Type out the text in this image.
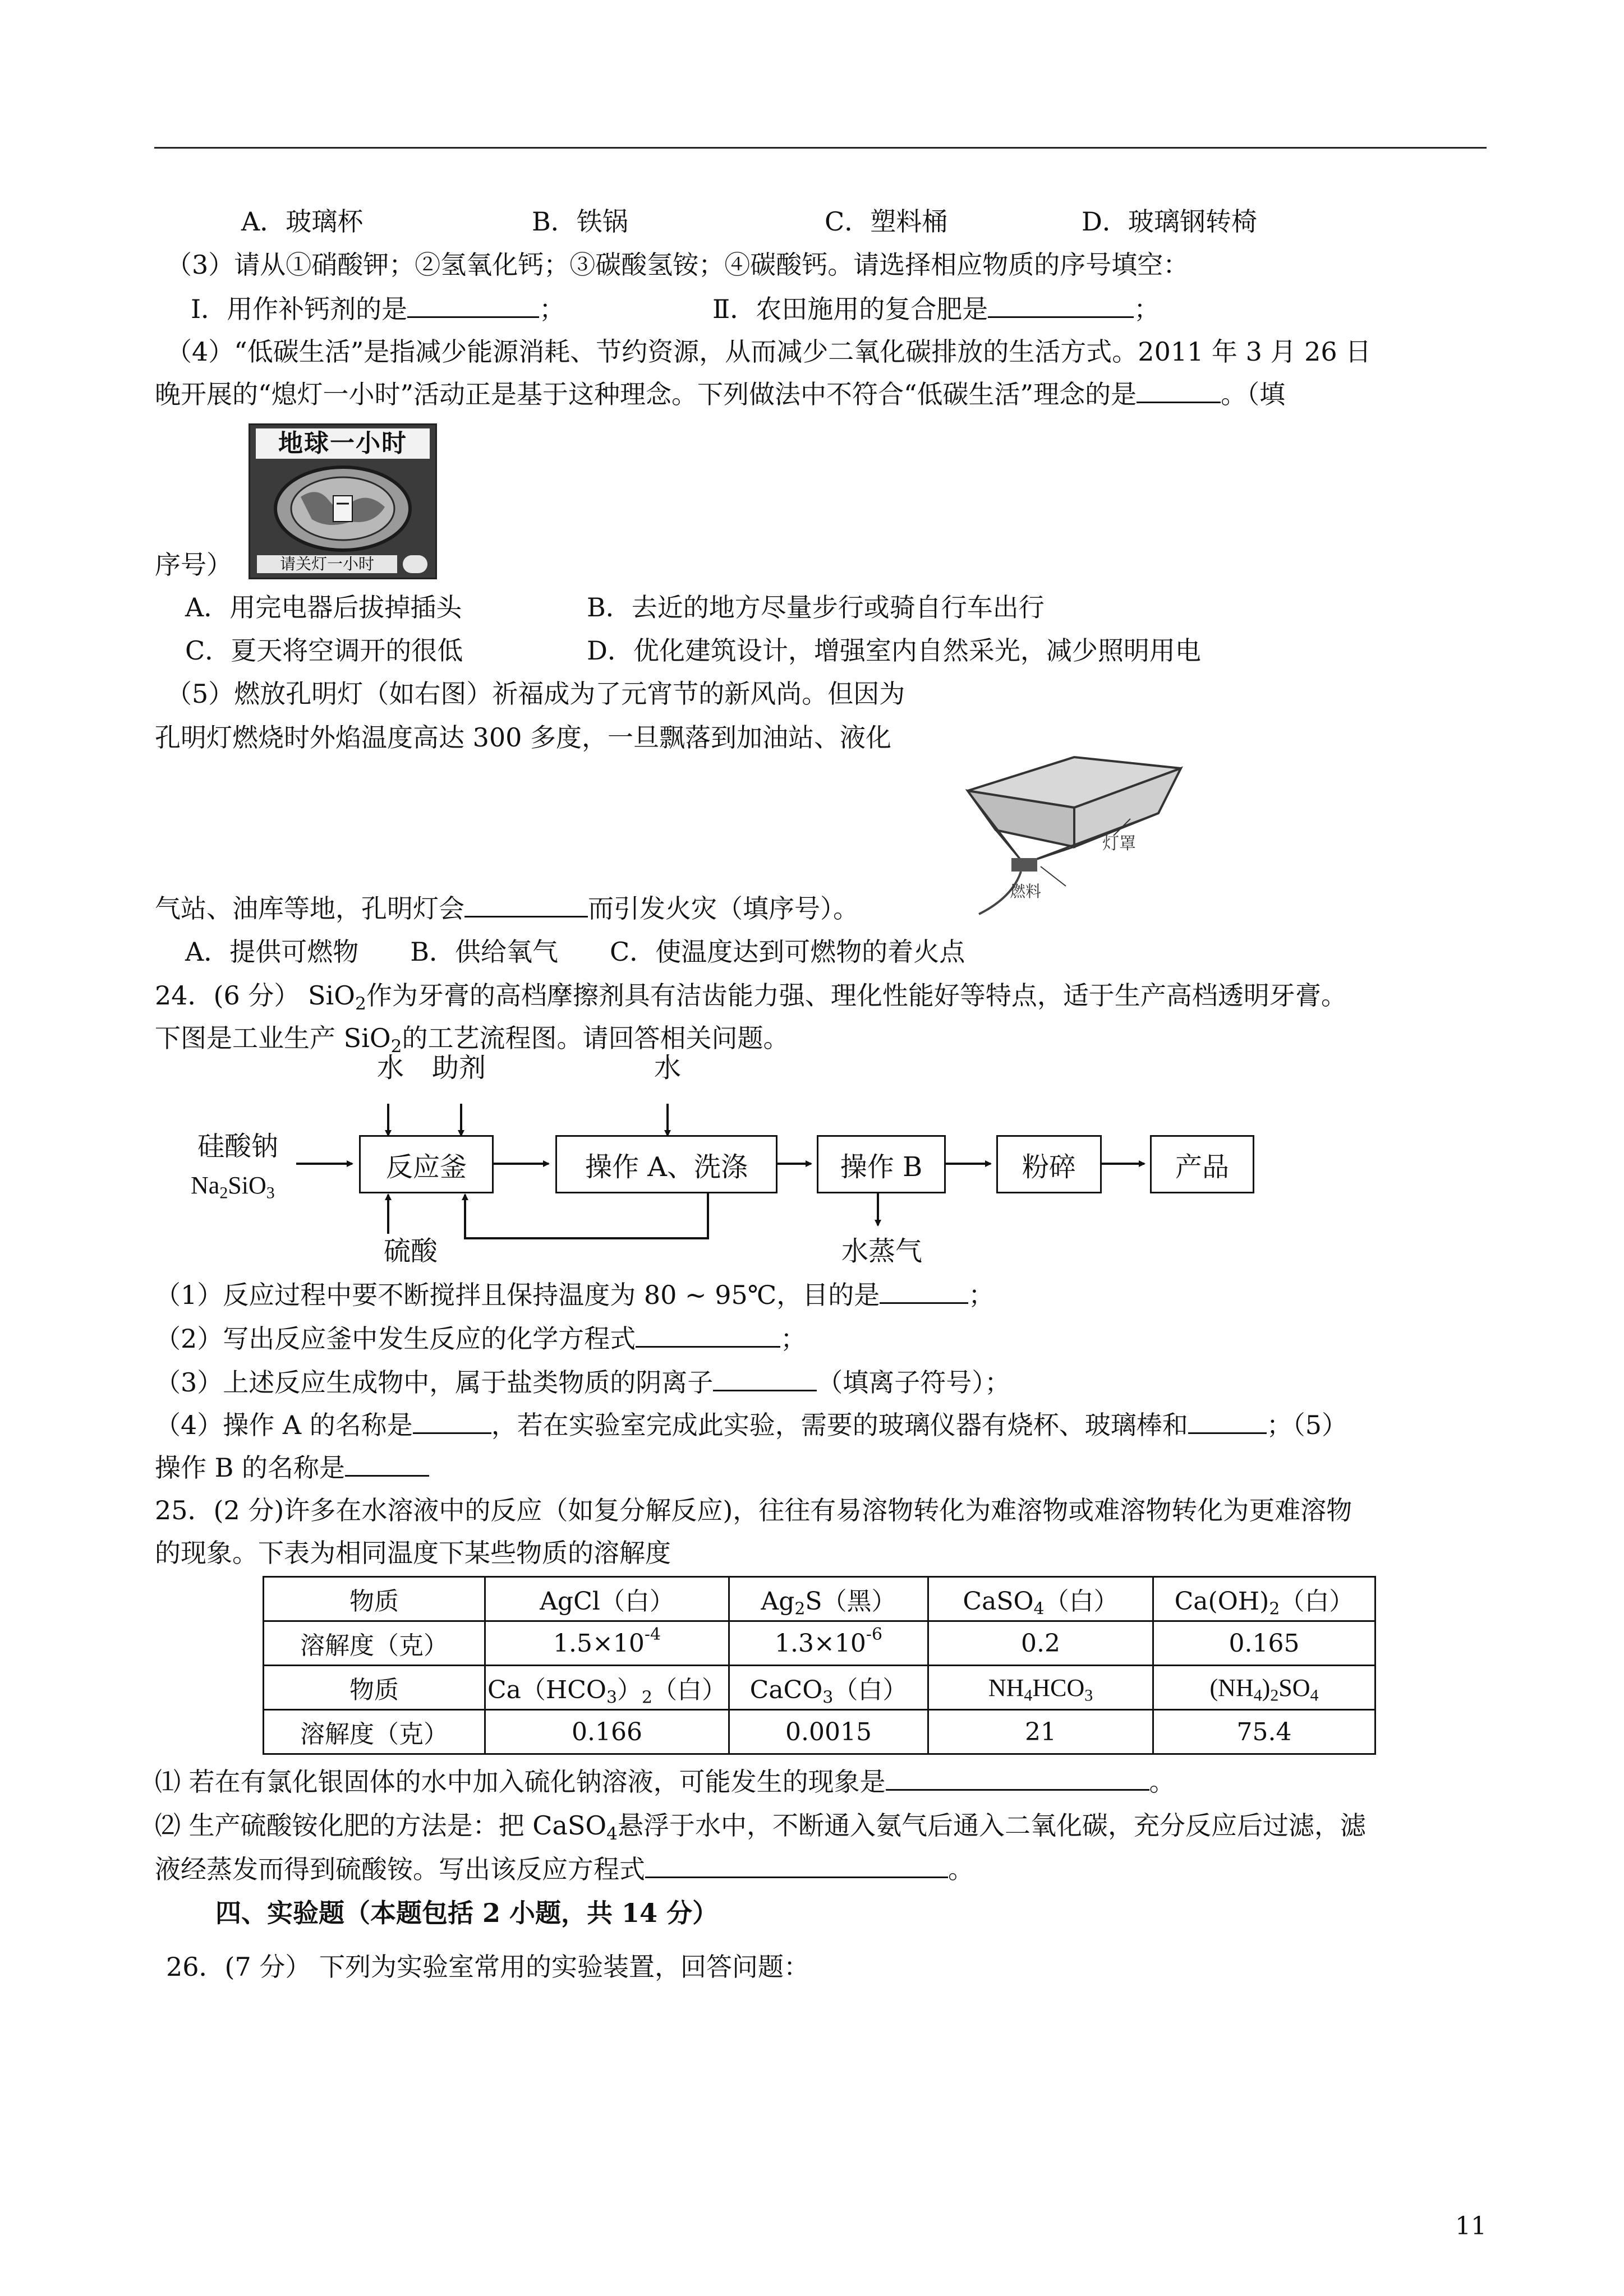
A．玻璃杯	B．铁锅	C．塑料桶	D．玻璃钢转椅
（3）请从①硝酸钾；②氢氧化钙；③碳酸氢铵；④碳酸钙。请选择相应物质的序号填空：
Ⅰ．用作补钙剂的是	；	Ⅱ．农田施用的复合肥是	；
（4）“低碳生活”是指减少能源消耗、节约资源，从而减少二氧化碳排放的生活方式。2011 年 3 月 26 日
晚开展的“熄灯一小时”活动正是基于这种理念。下列做法中不符合“低碳生活”理念的是	。（填
地球一小时
请关灯一小时
序号）
A．用完电器后拔掉插头	B．去近的地方尽量步行或骑自行车出行
C．夏天将空调开的很低	D．优化建筑设计，增强室内自然采光，减少照明用电
（5）燃放孔明灯（如右图）祈福成为了元宵节的新风尚。但因为
孔明灯燃烧时外焰温度高达 300 多度，一旦飘落到加油站、液化
灯罩
燃料
气站、油库等地，孔明灯会	而引发火灾（填序号）。
A．提供可燃物　　B．供给氧气　　C．使温度达到可燃物的着火点
24．(6 分） SiO$_2$作为牙膏的高档摩擦剂具有洁齿能力强、理化性能好等特点，适于生产高档透明牙膏。
下图是工业生产 SiO$_2$的工艺流程图。请回答相关问题。
水 助剂	水
硅酸钠
$Na_2SiO_3$
反应釜	操作 A、洗涤	操作 B	粉碎	产品
硫酸	水蒸气
（1）反应过程中要不断搅拌且保持温度为 80 ~ 95℃，目的是	；
（2）写出反应釜中发生反应的化学方程式	；
（3）上述反应生成物中，属于盐类物质的阴离子	（填离子符号）；
（4）操作 A 的名称是	，若在实验室完成此实验，需要的玻璃仪器有烧杯、玻璃棒和	；（5）
操作 B 的名称是
25．(2 分)许多在水溶液中的反应（如复分解反应)，往往有易溶物转化为难溶物或难溶物转化为更难溶物
的现象。下表为相同温度下某些物质的溶解度
物质	AgCl（白）	$Ag_2S$（黑）	CaSO$_4$（白）	$Ca(OH)_2$（白）
溶解度（克）	$1.5\times 10^{-4}$	$1.3\times 10^{-6}$	0.2	0.165
物质	$Ca(HCO_3)_2$（白）	CaCO$_3$（白）	$NH_4HCO_3$	$(NH_4)_2SO_4$
溶解度（克）	0.166	0.0015	21	75.4
⑴ 若在有氯化银固体的水中加入硫化钠溶液，可能发生的现象是	。
⑵ 生产硫酸铵化肥的方法是：把 CaSO$_4$悬浮于水中，不断通入氨气后通入二氧化碳，充分反应后过滤，滤
液经蒸发而得到硫酸铵。写出该反应方程式	。
四、实验题（本题包括 2 小题，共 14 分）
26．(7 分） 下列为实验室常用的实验装置，回答问题：
11
